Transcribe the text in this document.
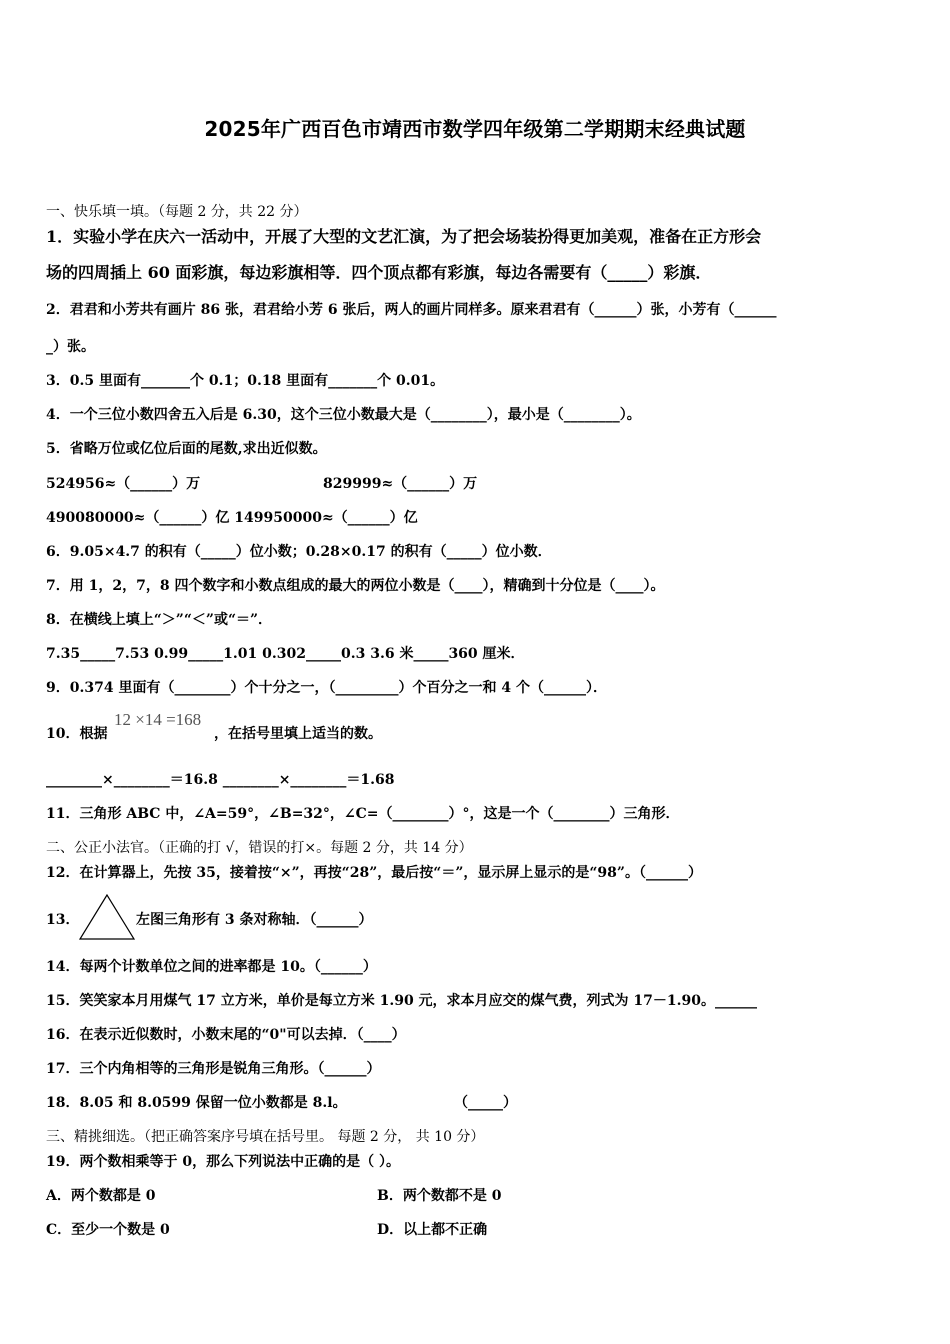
2025年广西百色市靖西市数学四年级第二学期期末经典试题
一、快乐填一填。（每题 2 分，共 22 分）
1．实验小学在庆六一活动中，开展了大型的文艺汇演，为了把会场装扮得更加美观，准备在正方形会
场的四周插上 60 面彩旗，每边彩旗相等．四个顶点都有彩旗，每边各需要有（_____）彩旗．
2．君君和小芳共有画片 86 张，君君给小芳 6 张后，两人的画片同样多。原来君君有（______）张，小芳有（______
_）张。
3．0.5 里面有_______个 0.1；0.18 里面有_______个 0.01。
4．一个三位小数四舍五入后是 6.30，这个三位小数最大是（________），最小是（________）。
5．省略万位或亿位后面的尾数,求出近似数。
524956≈（______）万	829999≈（______）万
490080000≈（______）亿 149950000≈（______）亿
6．9.05×4.7 的积有（_____）位小数；0.28×0.17 的积有（_____）位小数．
7．用 1，2，7，8 四个数字和小数点组成的最大的两位小数是（____），精确到十分位是（____）。
8．在横线上填上“＞”“＜”或“＝”．
7.35_____7.53 0.99_____1.01 0.302_____0.3 3.6 米_____360 厘米．
9．0.374 里面有（________）个十分之一，（_________）个百分之一和 4 个（______）．
10．根据
12 ×14 =168
，在括号里填上适当的数。
________×________＝16.8 ________×________＝1.68
11．三角形 ABC 中，∠A=59°，∠B=32°，∠C=（________）°，这是一个（________）三角形．
二、公正小法官。（正确的打 √，错误的打×。每题 2 分，共 14 分）
12．在计算器上，先按 35，接着按“×”，再按“28”，最后按“＝”，显示屏上显示的是“98”。（______）
13．	左图三角形有 3 条对称轴．（______）
14．每两个计数单位之间的进率都是 10。（______）
15．笑笑家本月用煤气 17 立方米，单价是每立方米 1.90 元，求本月应交的煤气费，列式为 17－1.90。______
16．在表示近似数时，小数末尾的“0"可以去掉．（____）
17．三个内角相等的三角形是锐角三角形。（______）
18．8.05 和 8.0599 保留一位小数都是 8.l。	（_____）
三、精挑细选。（把正确答案序号填在括号里。 每题 2 分， 共 10 分）
19．两个数相乘等于 0，那么下列说法中正确的是（ ）。
A．两个数都是 0	B．两个数都不是 0
C．至少一个数是 0	D．以上都不正确
